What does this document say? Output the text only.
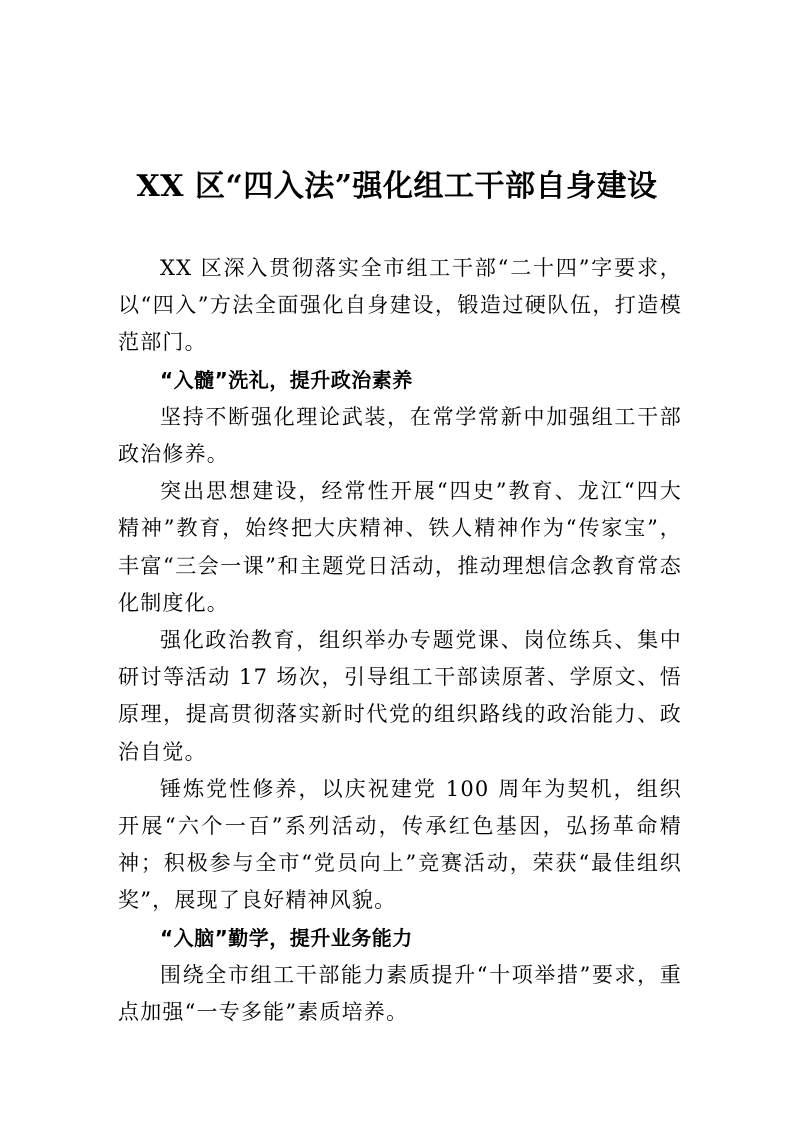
XX 区“四入法”强化组工干部自身建设

XX 区深入贯彻落实全市组工干部“二十四”字要求，以“四入”方法全面强化自身建设，锻造过硬队伍，打造模范部门。

“入髓”洗礼，提升政治素养

坚持不断强化理论武装，在常学常新中加强组工干部政治修养。

突出思想建设，经常性开展“四史”教育、龙江“四大精神”教育，始终把大庆精神、铁人精神作为“传家宝”，丰富“三会一课”和主题党日活动，推动理想信念教育常态化制度化。

强化政治教育，组织举办专题党课、岗位练兵、集中研讨等活动 17 场次，引导组工干部读原著、学原文、悟原理，提高贯彻落实新时代党的组织路线的政治能力、政治自觉。

锤炼党性修养，以庆祝建党 100 周年为契机，组织开展“六个一百”系列活动，传承红色基因，弘扬革命精神；积极参与全市“党员向上”竞赛活动，荣获“最佳组织奖”，展现了良好精神风貌。

“入脑”勤学，提升业务能力

围绕全市组工干部能力素质提升“十项举措”要求，重点加强“一专多能”素质培养。
